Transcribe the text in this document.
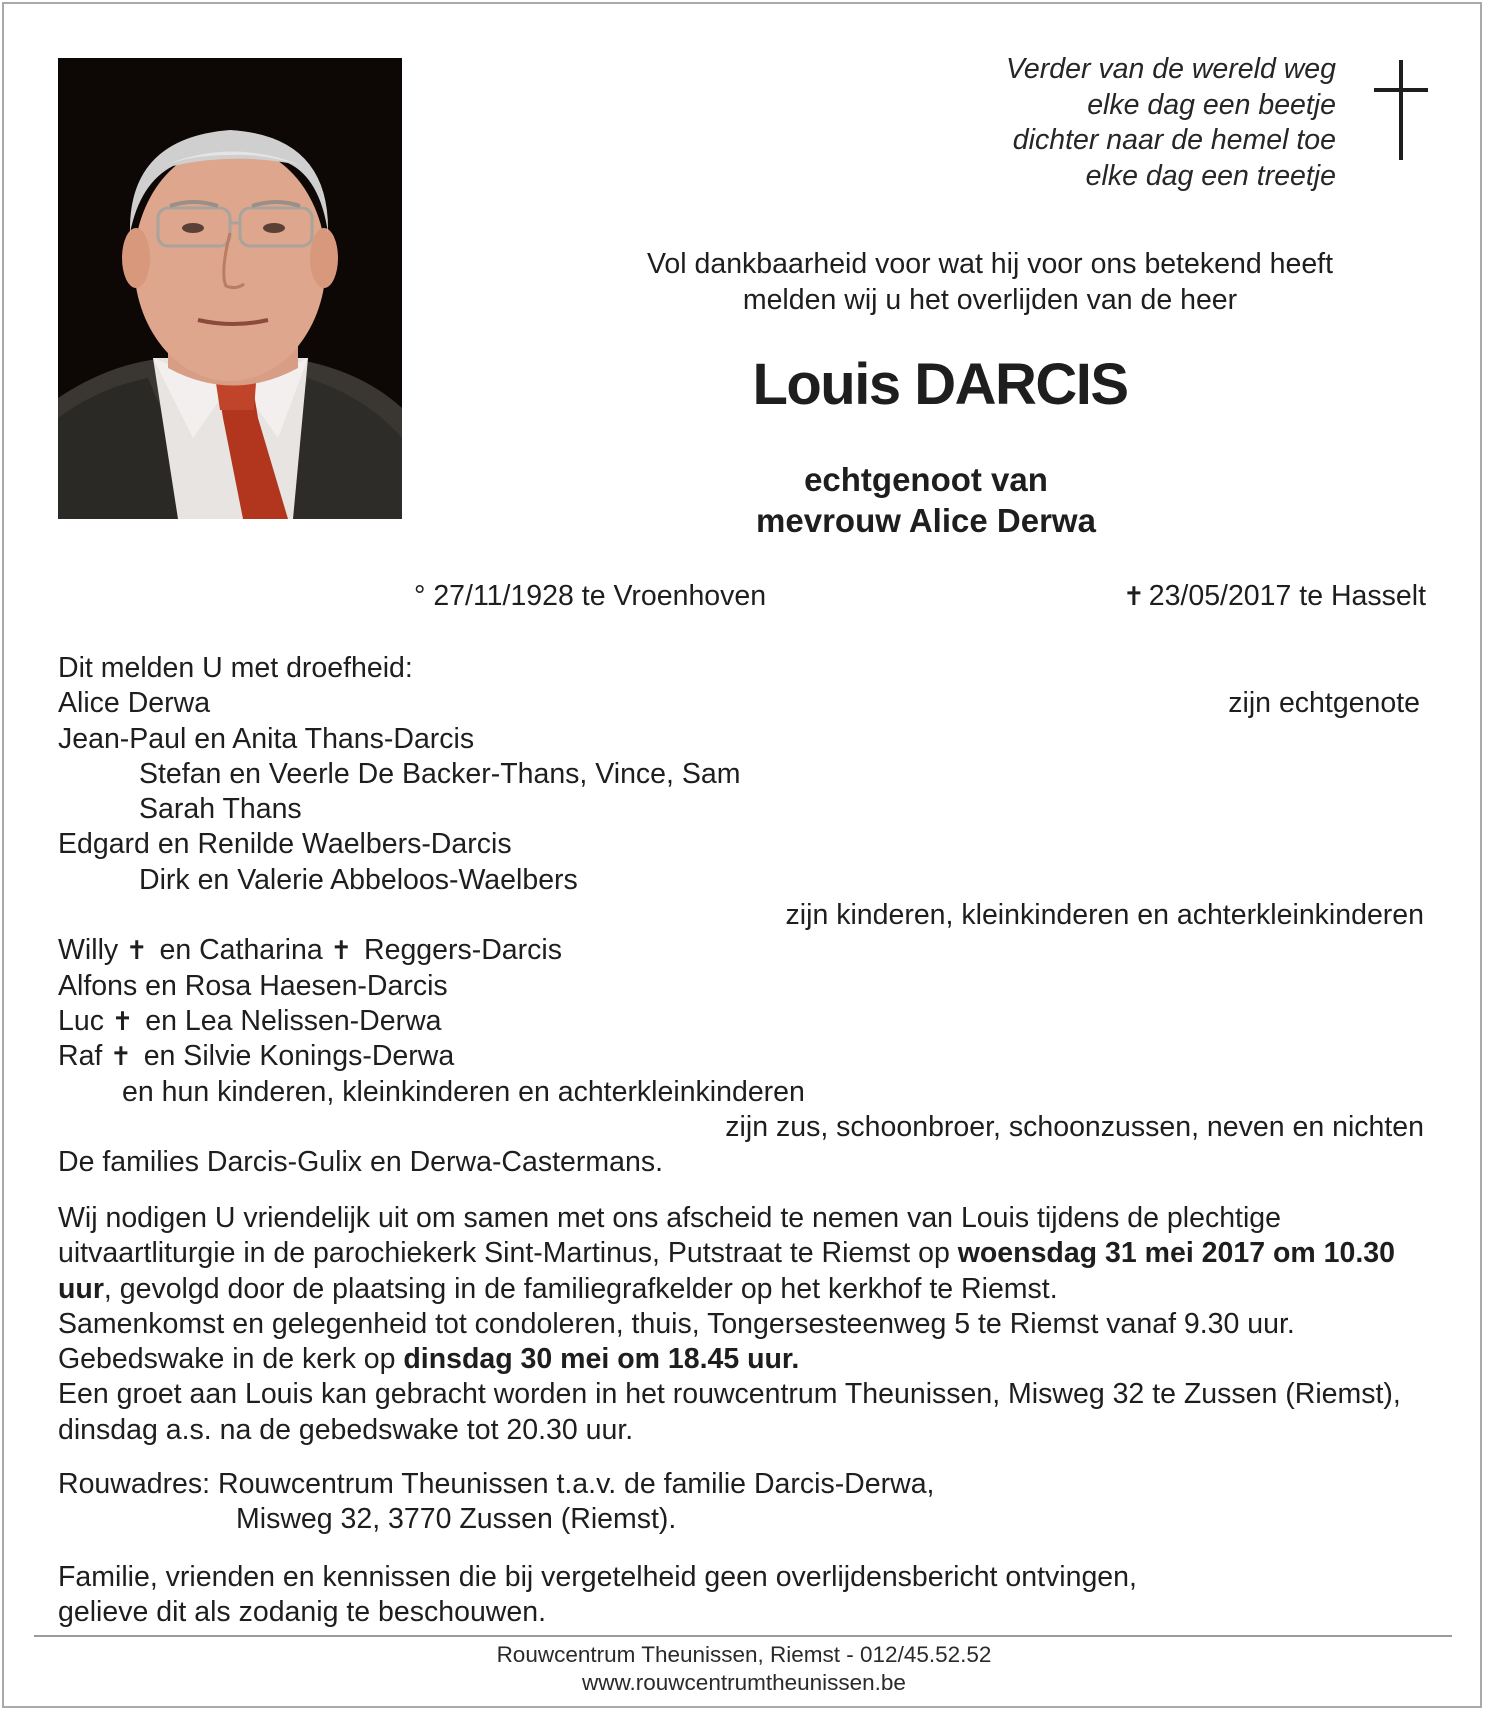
Verder van de wereld weg
elke dag een beetje
dichter naar de hemel toe
elke dag een treetje
Vol dankbaarheid voor wat hij voor ons betekend heeft
melden wij u het overlijden van de heer
Louis DARCIS
echtgenoot van
mevrouw Alice Derwa
° 27/11/1928 te Vroenhoven	✝ 23/05/2017 te Hasselt
Dit melden U met droefheid:
Alice Derwa	zijn echtgenote
Jean-Paul en Anita Thans-Darcis
Stefan en Veerle De Backer-Thans, Vince, Sam
Sarah Thans
Edgard en Renilde Waelbers-Darcis
Dirk en Valerie Abbeloos-Waelbers
zijn kinderen, kleinkinderen en achterkleinkinderen
Willy ✝ en Catharina ✝ Reggers-Darcis
Alfons en Rosa Haesen-Darcis
Luc ✝ en Lea Nelissen-Derwa
Raf ✝ en Silvie Konings-Derwa
en hun kinderen, kleinkinderen en achterkleinkinderen
zijn zus, schoonbroer, schoonzussen, neven en nichten
De families Darcis-Gulix en Derwa-Castermans.

Wij nodigen U vriendelijk uit om samen met ons afscheid te nemen van Louis tijdens de plechtige uitvaartliturgie in de parochiekerk Sint-Martinus, Putstraat te Riemst op woensdag 31 mei 2017 om 10.30 uur, gevolgd door de plaatsing in de familiegrafkelder op het kerkhof te Riemst.

Samenkomst en gelegenheid tot condoleren, thuis, Tongersesteenweg 5 te Riemst vanaf 9.30 uur.

Gebedswake in de kerk op dinsdag 30 mei om 18.45 uur.

Een groet aan Louis kan gebracht worden in het rouwcentrum Theunissen, Misweg 32 te Zussen (Riemst), dinsdag a.s. na de gebedswake tot 20.30 uur.

Rouwadres: Rouwcentrum Theunissen t.a.v. de familie Darcis-Derwa,
Misweg 32, 3770 Zussen (Riemst).
Familie, vrienden en kennissen die bij vergetelheid geen overlijdensbericht ontvingen,
gelieve dit als zodanig te beschouwen.
Rouwcentrum Theunissen, Riemst - 012/45.52.52
www.rouwcentrumtheunissen.be
